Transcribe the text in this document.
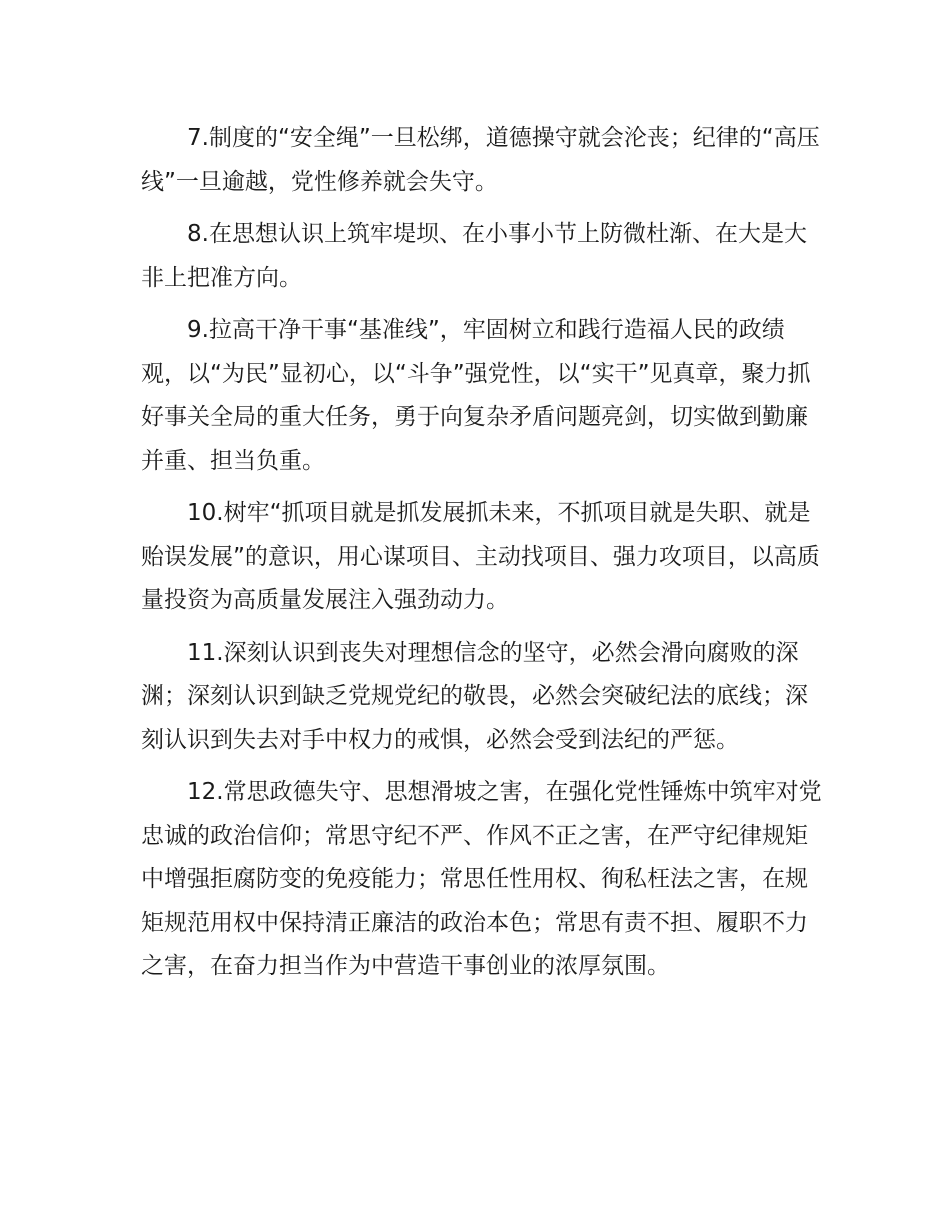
7.制度的“安全绳”一旦松绑，道德操守就会沦丧；纪律的“高压线”一旦逾越，党性修养就会失守。

8.在思想认识上筑牢堤坝、在小事小节上防微杜渐、在大是大非上把准方向。

9.拉高干净干事“基准线”，牢固树立和践行造福人民的政绩观，以“为民”显初心，以“斗争”强党性，以“实干”见真章，聚力抓好事关全局的重大任务，勇于向复杂矛盾问题亮剑，切实做到勤廉并重、担当负重。

10.树牢“抓项目就是抓发展抓未来，不抓项目就是失职、就是贻误发展”的意识，用心谋项目、主动找项目、强力攻项目，以高质量投资为高质量发展注入强劲动力。

11.深刻认识到丧失对理想信念的坚守，必然会滑向腐败的深渊；深刻认识到缺乏党规党纪的敬畏，必然会突破纪法的底线；深刻认识到失去对手中权力的戒惧，必然会受到法纪的严惩。

12.常思政德失守、思想滑坡之害，在强化党性锤炼中筑牢对党忠诚的政治信仰；常思守纪不严、作风不正之害，在严守纪律规矩中增强拒腐防变的免疫能力；常思任性用权、徇私枉法之害，在规矩规范用权中保持清正廉洁的政治本色；常思有责不担、履职不力之害，在奋力担当作为中营造干事创业的浓厚氛围。
